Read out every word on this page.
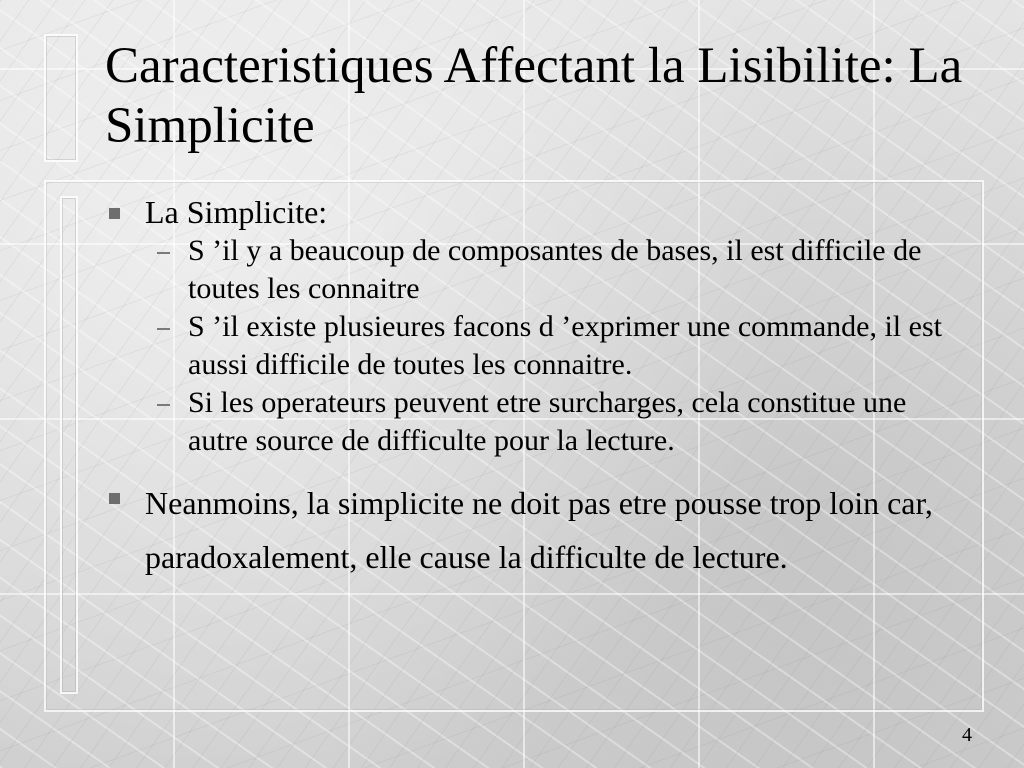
Caracteristiques Affectant la Lisibilite: La Simplicite
La Simplicite:
S ’il y a beaucoup de composantes de bases, il est difficile de toutes les connaitre
S ’il existe plusieures facons d ’exprimer une commande, il est aussi difficile de toutes les connaitre.
Si les operateurs peuvent etre surcharges, cela constitue une autre source de difficulte pour la lecture.
Neanmoins, la simplicite ne doit pas etre pousse trop loin car, paradoxalement, elle cause la difficulte de lecture.
4
